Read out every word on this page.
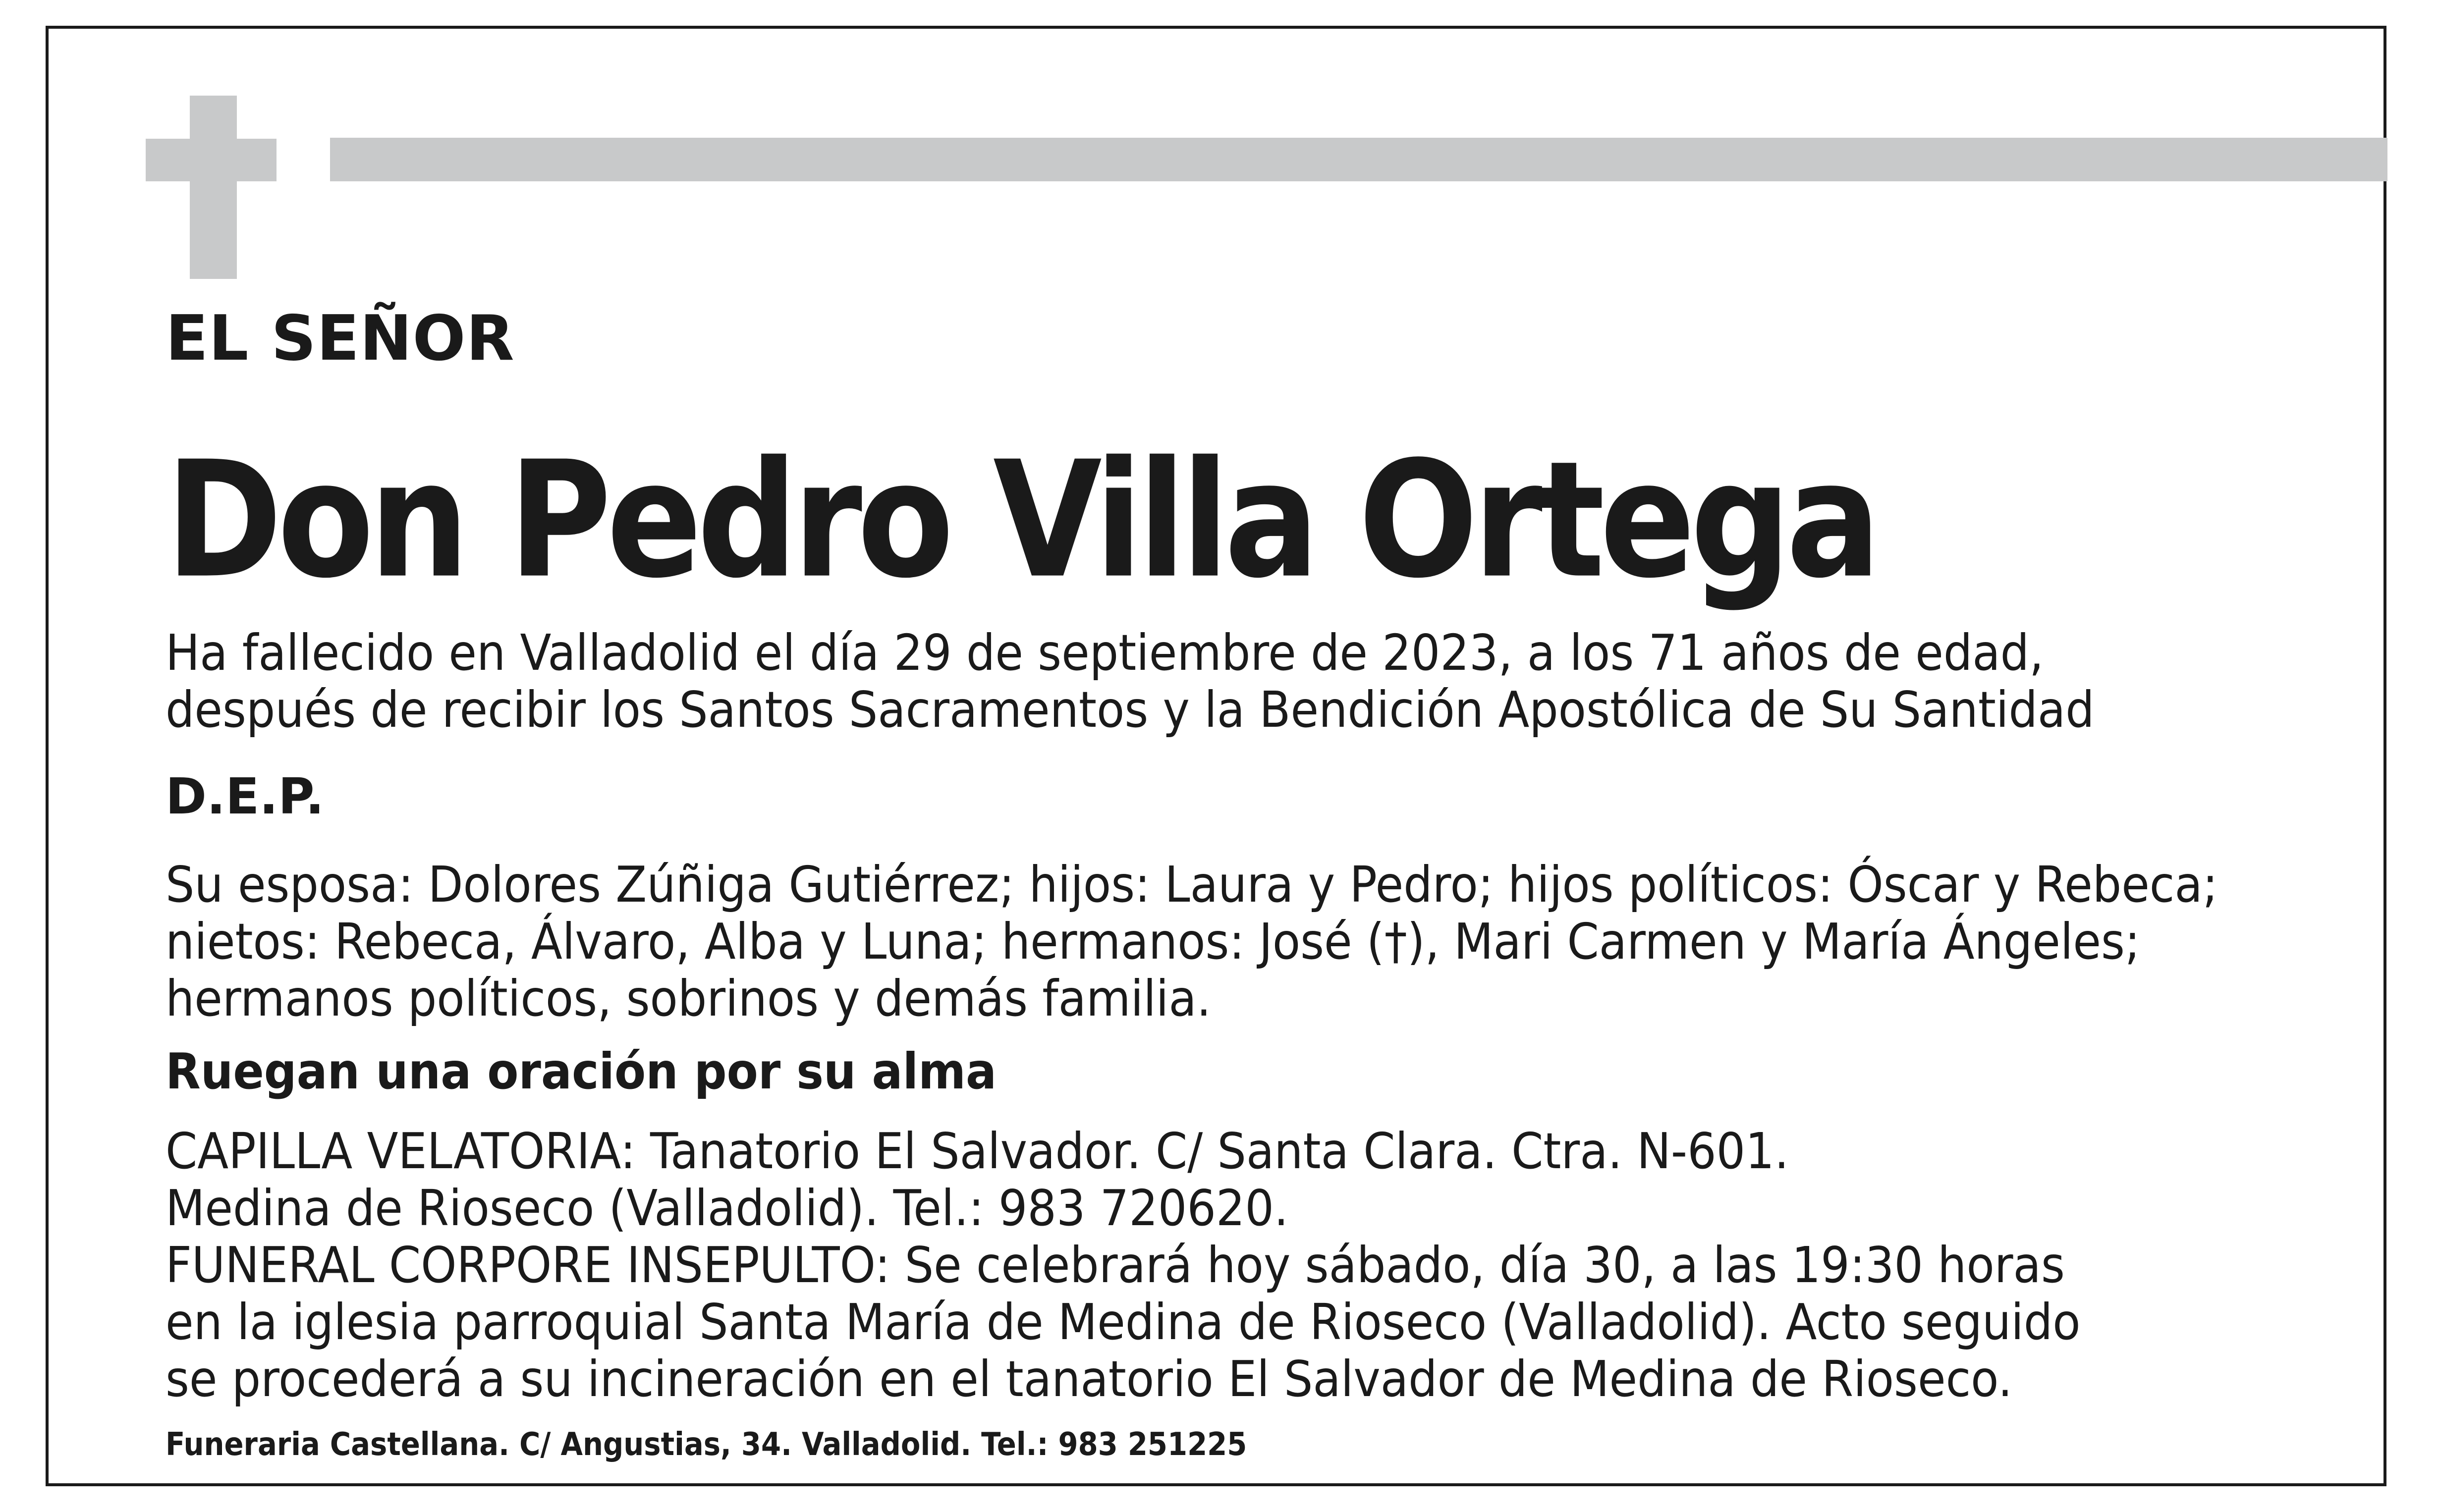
EL SEÑOR

Don Pedro Villa Ortega

Ha fallecido en Valladolid el día 29 de septiembre de 2023, a los 71 años de edad,

después de recibir los Santos Sacramentos y la Bendición Apostólica de Su Santidad

D.E.P.

Su esposa: Dolores Zúñiga Gutiérrez; hijos: Laura y Pedro; hijos políticos: Óscar y Rebeca;

nietos: Rebeca, Álvaro, Alba y Luna; hermanos: José (†), Mari Carmen y María Ángeles;

hermanos políticos, sobrinos y demás familia.

Ruegan una oración por su alma

CAPILLA VELATORIA: Tanatorio El Salvador. C/ Santa Clara. Ctra. N-601.

Medina de Rioseco (Valladolid). Tel.: 983 720620.

FUNERAL CORPORE INSEPULTO: Se celebrará hoy sábado, día 30, a las 19:30 horas

en la iglesia parroquial Santa María de Medina de Rioseco (Valladolid). Acto seguido

se procederá a su incineración en el tanatorio El Salvador de Medina de Rioseco.

Funeraria Castellana. C/ Angustias, 34. Valladolid. Tel.: 983 251225
